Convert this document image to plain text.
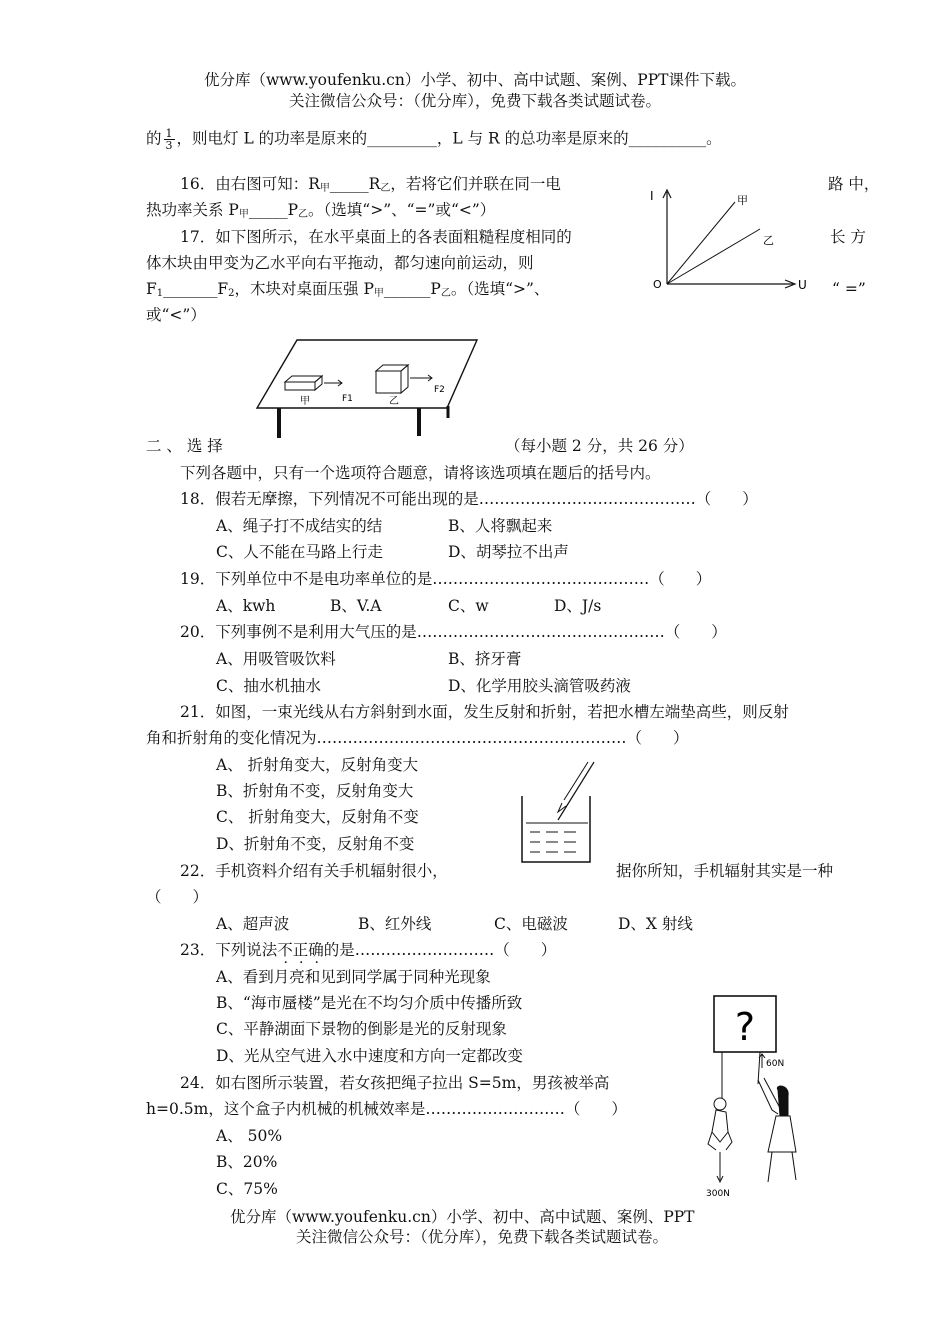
优分库（www.youfenku.cn）小学、初中、高中试题、案例、PPT课件下载。
关注微信公众号：（优分库），免费下载各类试题试卷。
的 $\frac{1}{3}$ ，则电灯 L 的功率是原来的_________，L 与 R 的总功率是原来的__________。
16．由右图可知：$R_甲\_\_\_\_\_R_乙$，若将它们并联在同一电	路 中，
热功率关系 $P_甲\_\_\_\_\_P_乙$。（选填“>”、“=”或“<”）
17．如下图所示，在水平桌面上的各表面粗糙程度相同的	长 方
体木块由甲变为乙水平向右平拖动，都匀速向前运动，则
$F_1\_\_\_\_\_\_\_F_2$，木块对桌面压强 $P_甲\_\_\_\_\_\_P_乙$。（选填“>”、	“ =”
或“<”）
I
U
O
甲
乙
甲	乙
F1
F2
二 、 选 择	（每小题 2 分，共 26 分）
下列各题中，只有一个选项符合题意，请将该选项填在题后的括号内。
18．假若无摩擦，下列情况不可能出现的是……………………………………（　　）
A、绳子打不成结实的结	B、人将飘起来
C、人不能在马路上行走	D、胡琴拉不出声
19．下列单位中不是电功率单位的是……………………………………（　　）
A、kwh	B、V.A	C、w	D、J/s
20．下列事例不是利用大气压的是…………………………………………（　　）
A、用吸管吸饮料	B、挤牙膏
C、抽水机抽水	D、化学用胶头滴管吸药液
21．如图，一束光线从右方斜射到水面，发生反射和折射，若把水槽左端垫高些，则反射
角和折射角的变化情况为……………………………………………………（　　）
A、 折射角变大，反射角变大
B、折射角不变，反射角变大
C、 折射角变大，反射角不变
D、折射角不变，反射角不变
22．手机资料介绍有关手机辐射很小，	据你所知，手机辐射其实是一种
（　　）
A、超声波	B、红外线	C、电磁波	D、X 射线
23．下列说法不正确的是………………………（　　）
A、看到月亮和见到同学属于同种光现象
B、“海市蜃楼”是光在不均匀介质中传播所致
C、平静湖面下景物的倒影是光的反射现象
D、光从空气进入水中速度和方向一定都改变
24．如右图所示装置，若女孩把绳子拉出 S=5m，男孩被举高
h=0.5m，这个盒子内机械的机械效率是………………………（　　）
A、 50%
B、20%
C、75%
?
60N
300N
优分库（www.youfenku.cn）小学、初中、高中试题、案例、PPT
关注微信公众号：（优分库），免费下载各类试题试卷。
